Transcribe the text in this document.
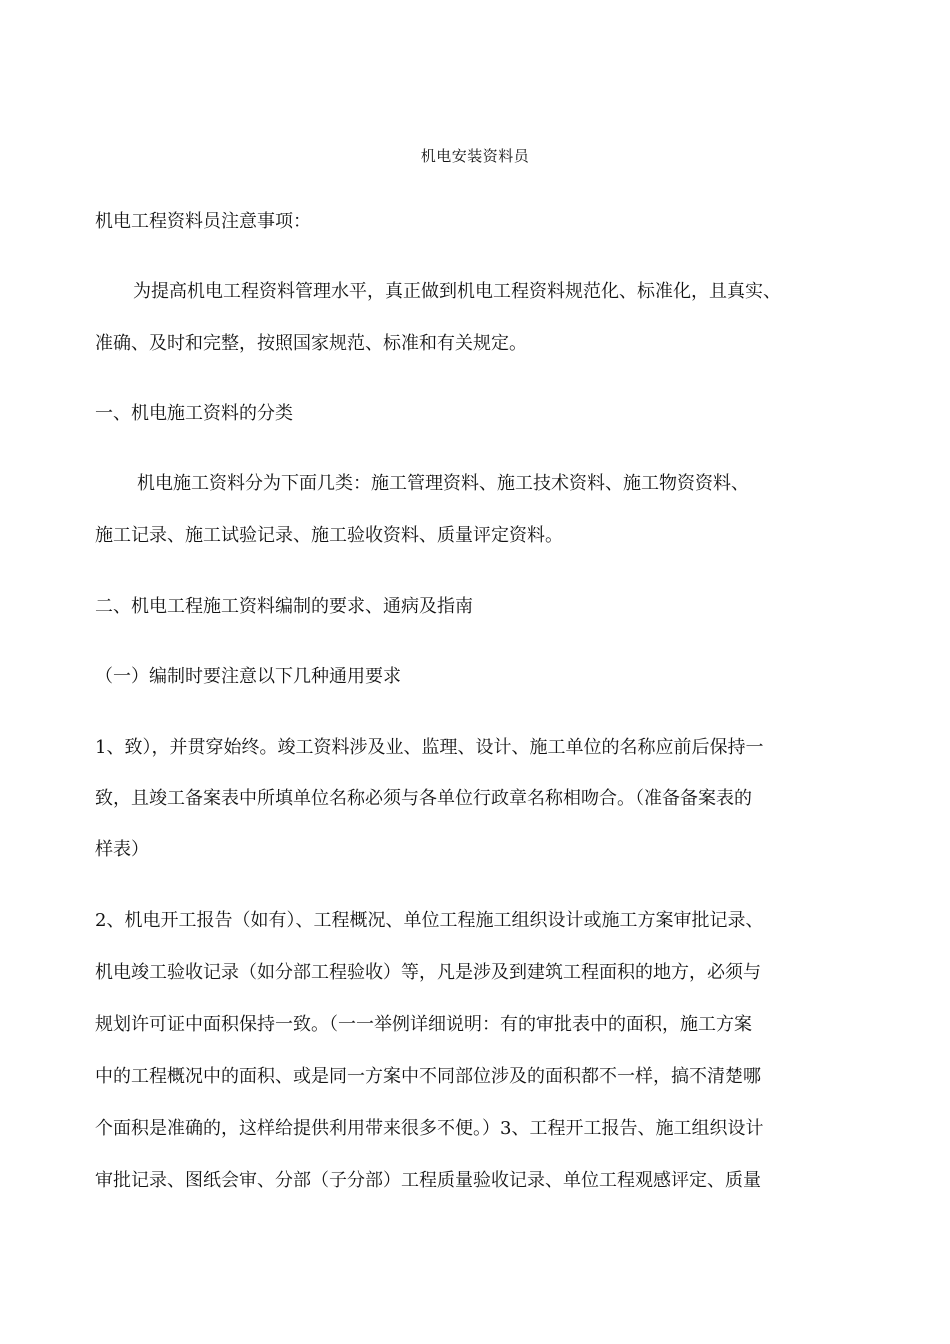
机电安装资料员

机电工程资料员注意事项：

为提高机电工程资料管理水平，真正做到机电工程资料规范化、标准化，且真实、
准确、及时和完整，按照国家规范、标准和有关规定。

一、机电施工资料的分类

机电施工资料分为下面几类：施工管理资料、施工技术资料、施工物资资料、
施工记录、施工试验记录、施工验收资料、质量评定资料。

二、机电工程施工资料编制的要求、通病及指南

（一）编制时要注意以下几种通用要求

1、致），并贯穿始终。竣工资料涉及业、监理、设计、施工单位的名称应前后保持一
致，且竣工备案表中所填单位名称必须与各单位行政章名称相吻合。（准备备案表的
样表）
2、机电开工报告（如有）、工程概况、单位工程施工组织设计或施工方案审批记录、
机电竣工验收记录（如分部工程验收）等，凡是涉及到建筑工程面积的地方，必须与
规划许可证中面积保持一致。（一一举例详细说明：有的审批表中的面积，施工方案
中的工程概况中的面积、或是同一方案中不同部位涉及的面积都不一样，搞不清楚哪
个面积是准确的，这样给提供利用带来很多不便。）3、工程开工报告、施工组织设计
审批记录、图纸会审、分部（子分部）工程质量验收记录、单位工程观感评定、质量
